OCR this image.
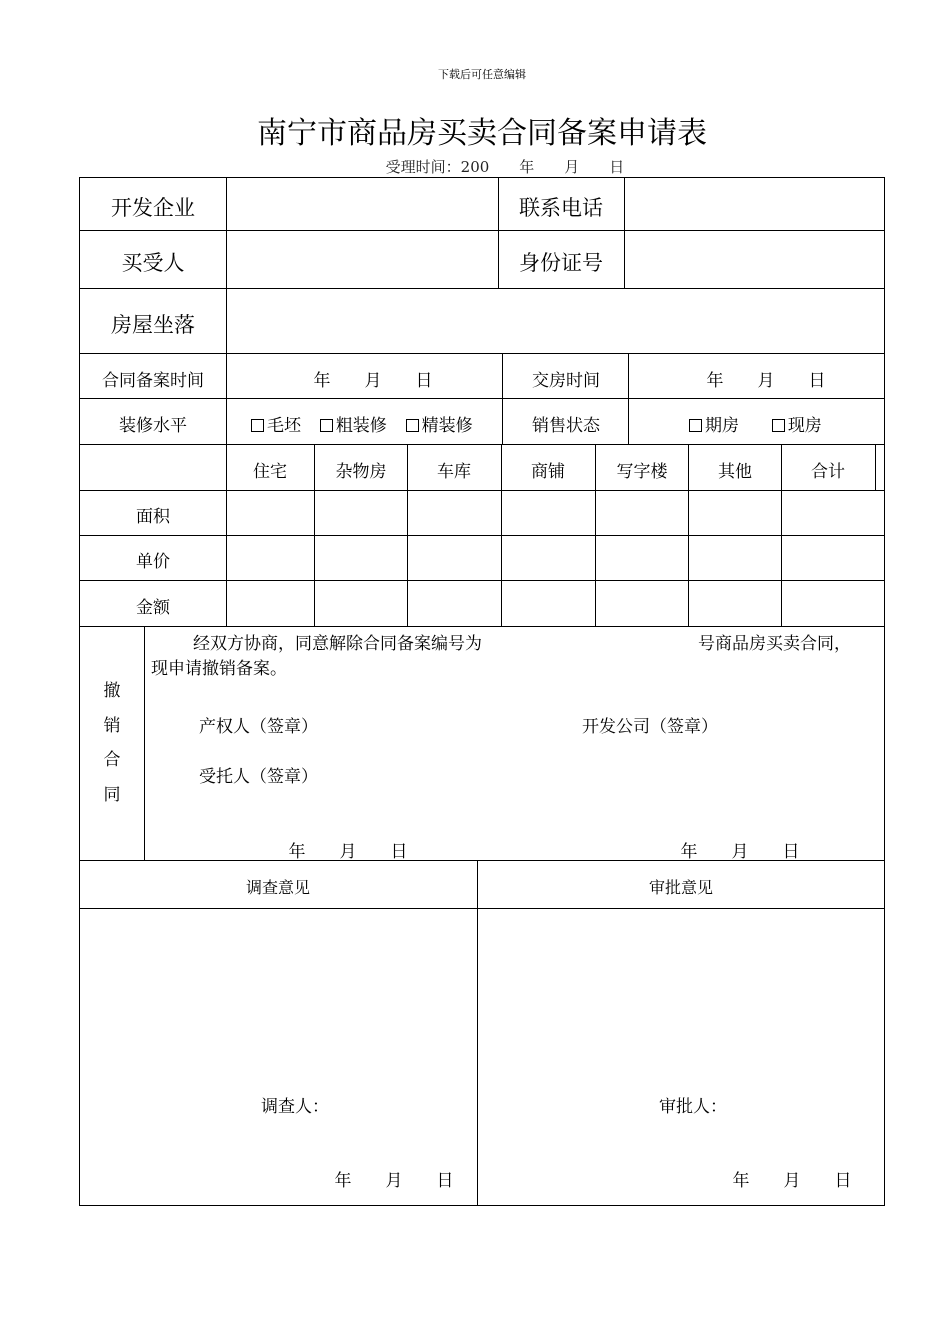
下载后可任意编辑
南宁市商品房买卖合同备案申请表
受理时间：200　　年　　月　　日
开发企业	联系电话
买受人	身份证号
房屋坐落
合同备案时间	年　　月　　日	交房时间	年　　月　　日
装修水平	毛坯 粗装修 精装修	销售状态	期房	现房
住宅	杂物房	车库	商铺	写字楼	其他	合计
面积
单价
金额
撤
销
合
同
经双方协商，同意解除合同备案编号为	号商品房买卖合同，
现申请撤销备案。
产权人（签章）	开发公司（签章）
受托人（签章）
年　　月　　日	年　　月　　日
调查意见	审批意见
调查人：	审批人：
年　　月　　日	年　　月　　日
